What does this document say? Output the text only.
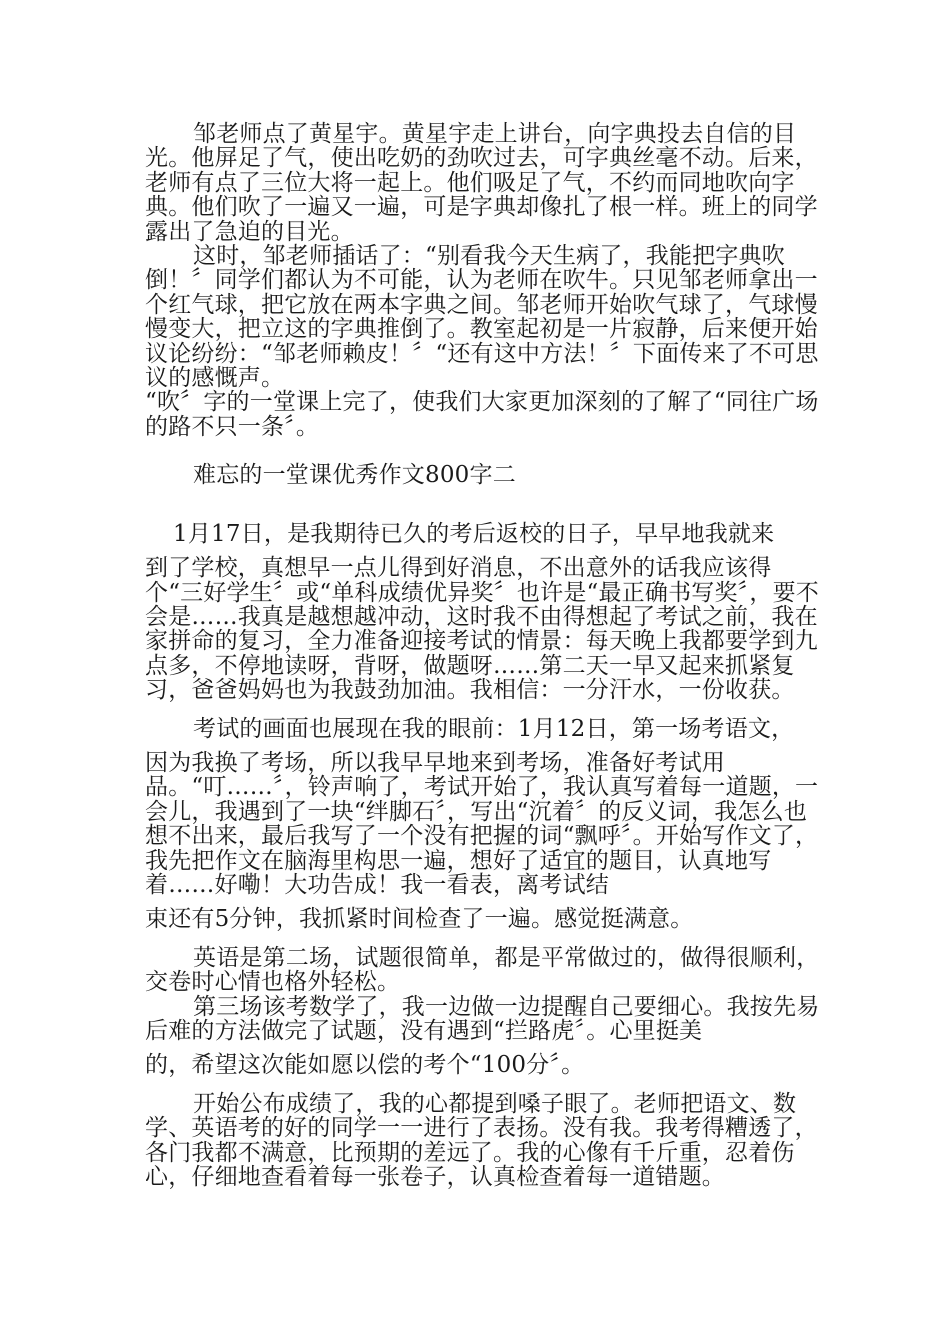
邹老师点了黄星宇。黄星宇走上讲台，向字典投去自信的目光。他屏足了气，使出吃奶的劲吹过去，可字典丝毫不动。后来，老师有点了三位大将一起上。他们吸足了气，不约而同地吹向字典。他们吹了一遍又一遍，可是字典却像扎了根一样。班上的同学露出了急迫的目光。

这时，邹老师插话了：“别看我今天生病了，我能把字典吹倒！〞同学们都认为不可能，认为老师在吹牛。只见邹老师拿出一个红气球，把它放在两本字典之间。邹老师开始吹气球了，气球慢慢变大，把立这的字典推倒了。教室起初是一片寂静，后来便开始议论纷纷：“邹老师赖皮！〞“还有这中方法！〞下面传来了不可思议的感慨声。

“吹〞字的一堂课上完了，使我们大家更加深刻的了解了“同往广场的路不只一条〞。

难忘的一堂课优秀作文800字二

1月17日，是我期待已久的考后返校的日子，早早地我就来

到了学校，真想早一点儿得到好消息，不出意外的话我应该得个“三好学生〞或“单科成绩优异奖〞也许是“最正确书写奖〞，要不会是……我真是越想越冲动，这时我不由得想起了考试之前，我在家拼命的复习，全力准备迎接考试的情景：每天晚上我都要学到九点多，不停地读呀，背呀，做题呀……第二天一早又起来抓紧复习，爸爸妈妈也为我鼓劲加油。我相信：一分汗水，一份收获。

考试的画面也展现在我的眼前：1月12日，第一场考语文，

因为我换了考场，所以我早早地来到考场，准备好考试用品。“叮……〞，铃声响了，考试开始了，我认真写着每一道题，一会儿，我遇到了一块“绊脚石〞，写出“沉着〞的反义词，我怎么也想不出来，最后我写了一个没有把握的词“飘呼〞。开始写作文了，我先把作文在脑海里构思一遍，想好了适宜的题目，认真地写着……好嘞！大功告成！我一看表，离考试结

束还有5分钟，我抓紧时间检查了一遍。感觉挺满意。

英语是第二场，试题很简单，都是平常做过的，做得很顺利，交卷时心情也格外轻松。

第三场该考数学了，我一边做一边提醒自己要细心。我按先易后难的方法做完了试题，没有遇到“拦路虎〞。心里挺美

的，希望这次能如愿以偿的考个“100分〞。

开始公布成绩了，我的心都提到嗓子眼了。老师把语文、数学、英语考的好的同学一一进行了表扬。没有我。我考得糟透了，各门我都不满意，比预期的差远了。我的心像有千斤重，忍着伤心，仔细地查看着每一张卷子，认真检查着每一道错题。
